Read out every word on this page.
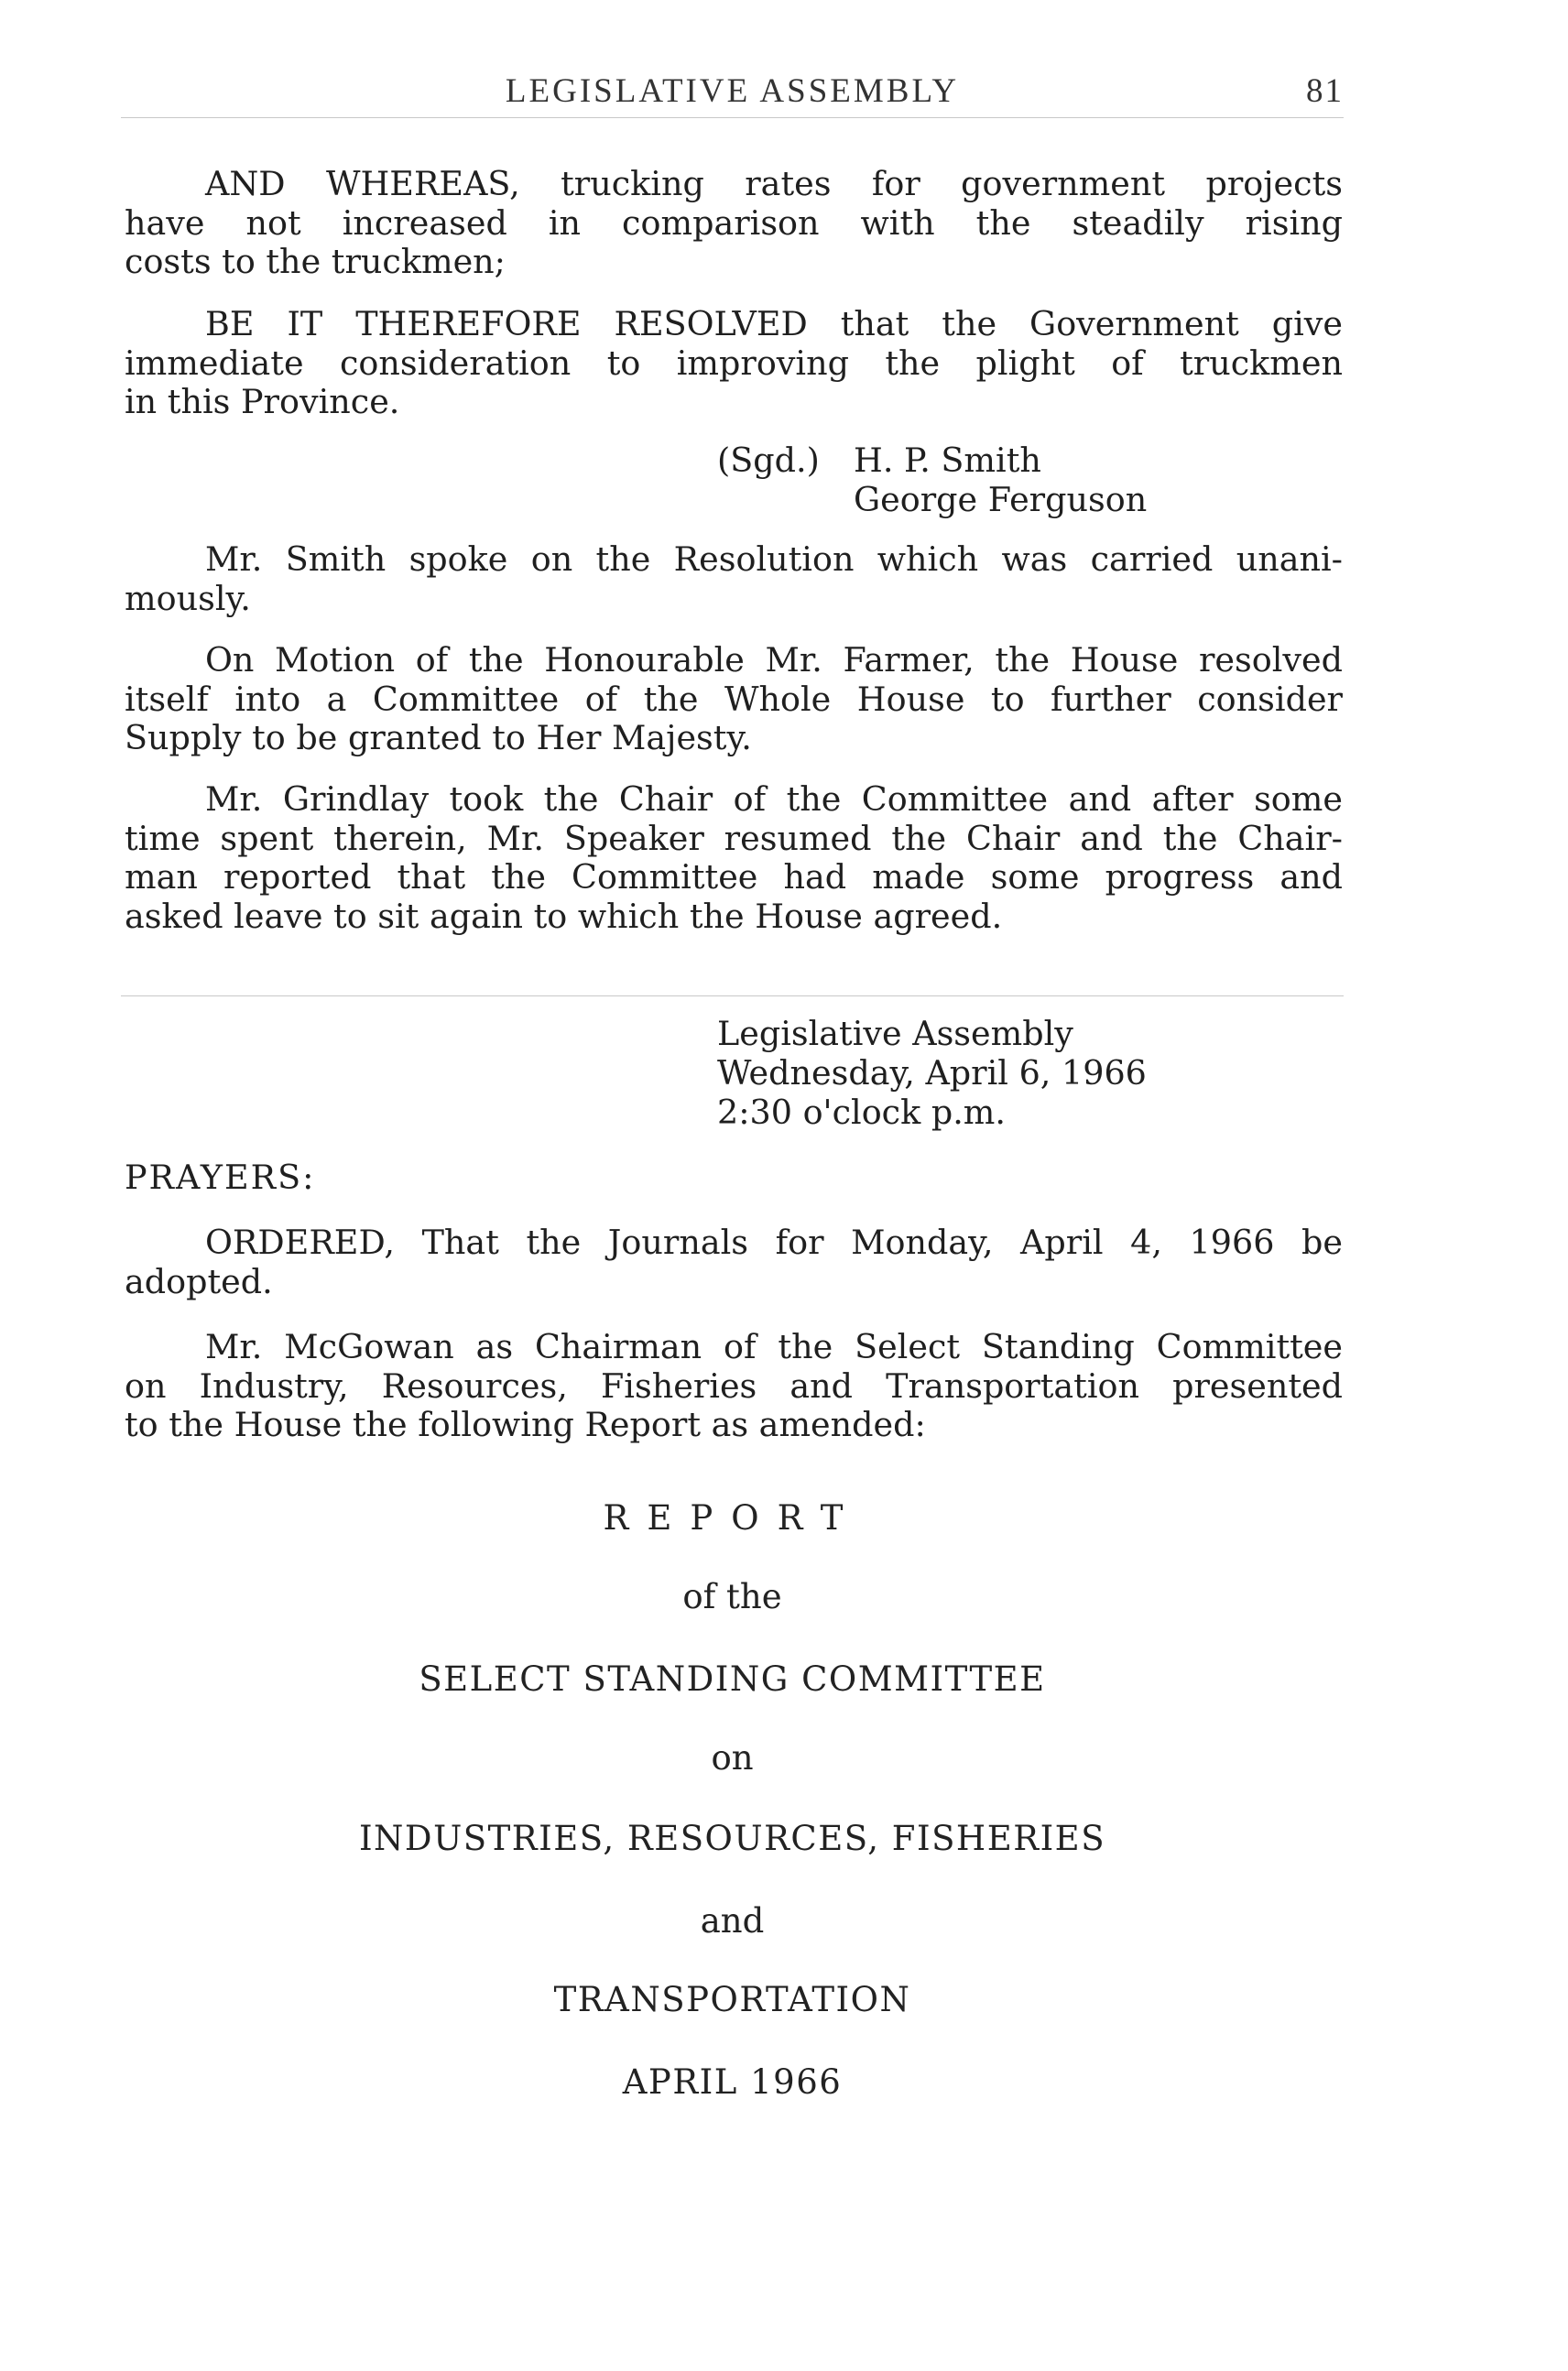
LEGISLATIVE ASSEMBLY	81

AND WHEREAS, trucking rates for government projects
have not increased in comparison with the steadily rising
costs to the truckmen;

BE IT THEREFORE RESOLVED that the Government give
immediate consideration to improving the plight of truckmen
in this Province.

(Sgd.) H. P. Smith
George Ferguson

Mr. Smith spoke on the Resolution which was carried unani-
mously.

On Motion of the Honourable Mr. Farmer, the House resolved
itself into a Committee of the Whole House to further consider
Supply to be granted to Her Majesty.

Mr. Grindlay took the Chair of the Committee and after some
time spent therein, Mr. Speaker resumed the Chair and the Chair-
man reported that the Committee had made some progress and
asked leave to sit again to which the House agreed.

Legislative Assembly
Wednesday, April 6, 1966
2:30 o'clock p.m.
PRAYERS:

ORDERED, That the Journals for Monday, April 4, 1966 be
adopted.

Mr. McGowan as Chairman of the Select Standing Committee
on Industry, Resources, Fisheries and Transportation presented
to the House the following Report as amended:

REPORT
of the
SELECT STANDING COMMITTEE
on
INDUSTRIES, RESOURCES, FISHERIES
and
TRANSPORTATION
APRIL 1966
